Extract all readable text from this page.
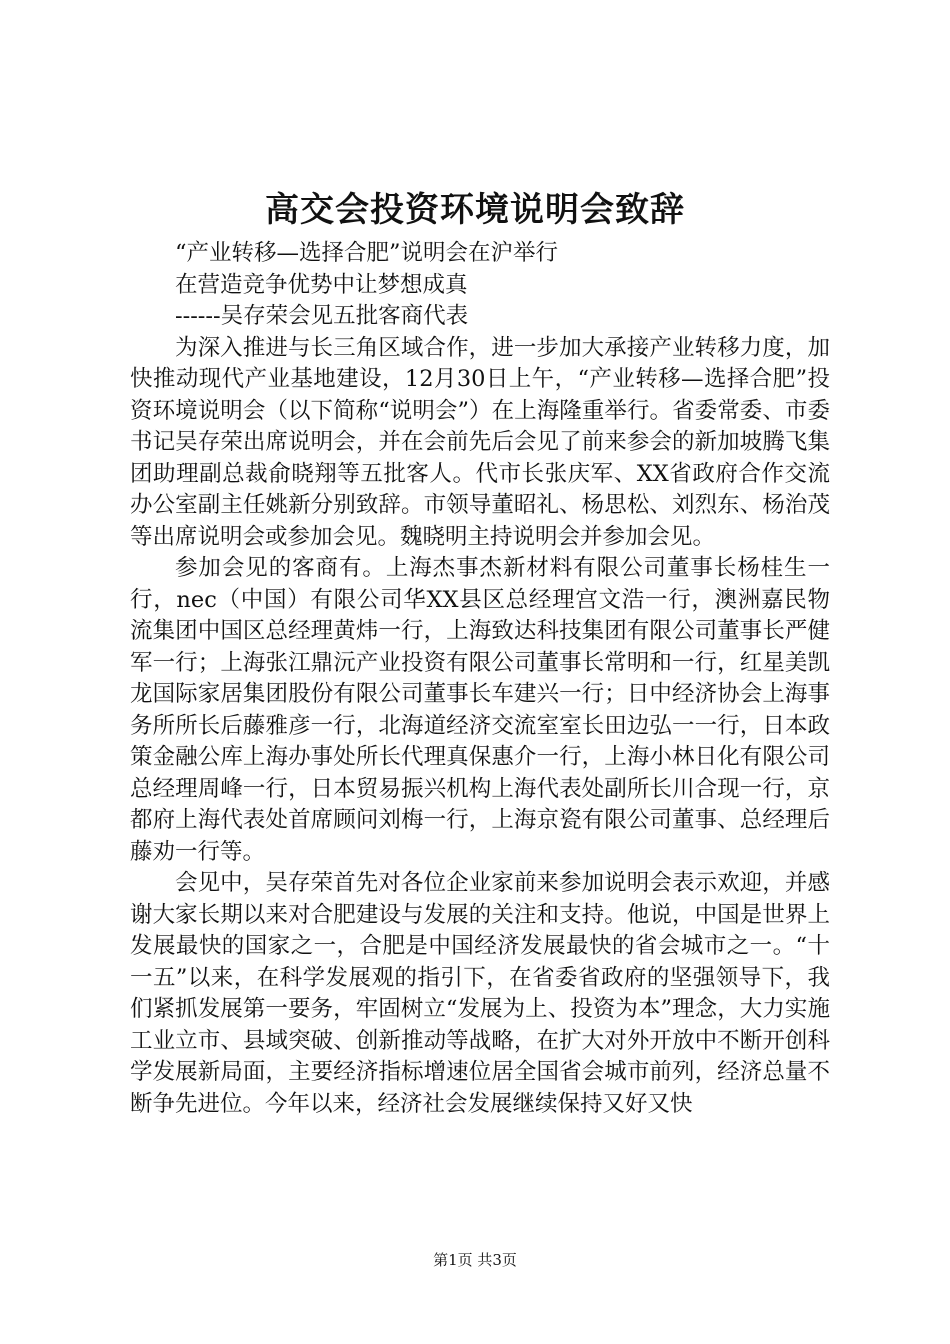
高交会投资环境说明会致辞

“产业转移—选择合肥”说明会在沪举行

在营造竞争优势中让梦想成真

------吴存荣会见五批客商代表

为深入推进与长三角区域合作，进一步加大承接产业转移力度，加快推动现代产业基地建设，12月30日上午，“产业转移—选择合肥”投资环境说明会（以下简称“说明会”）在上海隆重举行。省委常委、市委书记吴存荣出席说明会，并在会前先后会见了前来参会的新加坡腾飞集团助理副总裁俞晓翔等五批客人。代市长张庆军、XX省政府合作交流办公室副主任姚新分别致辞。市领导董昭礼、杨思松、刘烈东、杨治茂等出席说明会或参加会见。魏晓明主持说明会并参加会见。

参加会见的客商有。上海杰事杰新材料有限公司董事长杨桂生一行，nec（中国）有限公司华XX县区总经理宫文浩一行，澳洲嘉民物流集团中国区总经理黄炜一行，上海致达科技集团有限公司董事长严健军一行；上海张江鼎沅产业投资有限公司董事长常明和一行，红星美凯龙国际家居集团股份有限公司董事长车建兴一行；日中经济协会上海事务所所长后藤雅彦一行，北海道经济交流室室长田边弘一一行，日本政策金融公库上海办事处所长代理真保惠介一行，上海小林日化有限公司总经理周峰一行，日本贸易振兴机构上海代表处副所长川合现一行，京都府上海代表处首席顾问刘梅一行，上海京瓷有限公司董事、总经理后藤劝一行等。

会见中，吴存荣首先对各位企业家前来参加说明会表示欢迎，并感谢大家长期以来对合肥建设与发展的关注和支持。他说，中国是世界上发展最快的国家之一，合肥是中国经济发展最快的省会城市之一。“十一五”以来，在科学发展观的指引下，在省委省政府的坚强领导下，我们紧抓发展第一要务，牢固树立“发展为上、投资为本”理念，大力实施工业立市、县域突破、创新推动等战略，在扩大对外开放中不断开创科学发展新局面，主要经济指标增速位居全国省会城市前列，经济总量不断争先进位。今年以来，经济社会发展继续保持又好又快

第1页 共3页
